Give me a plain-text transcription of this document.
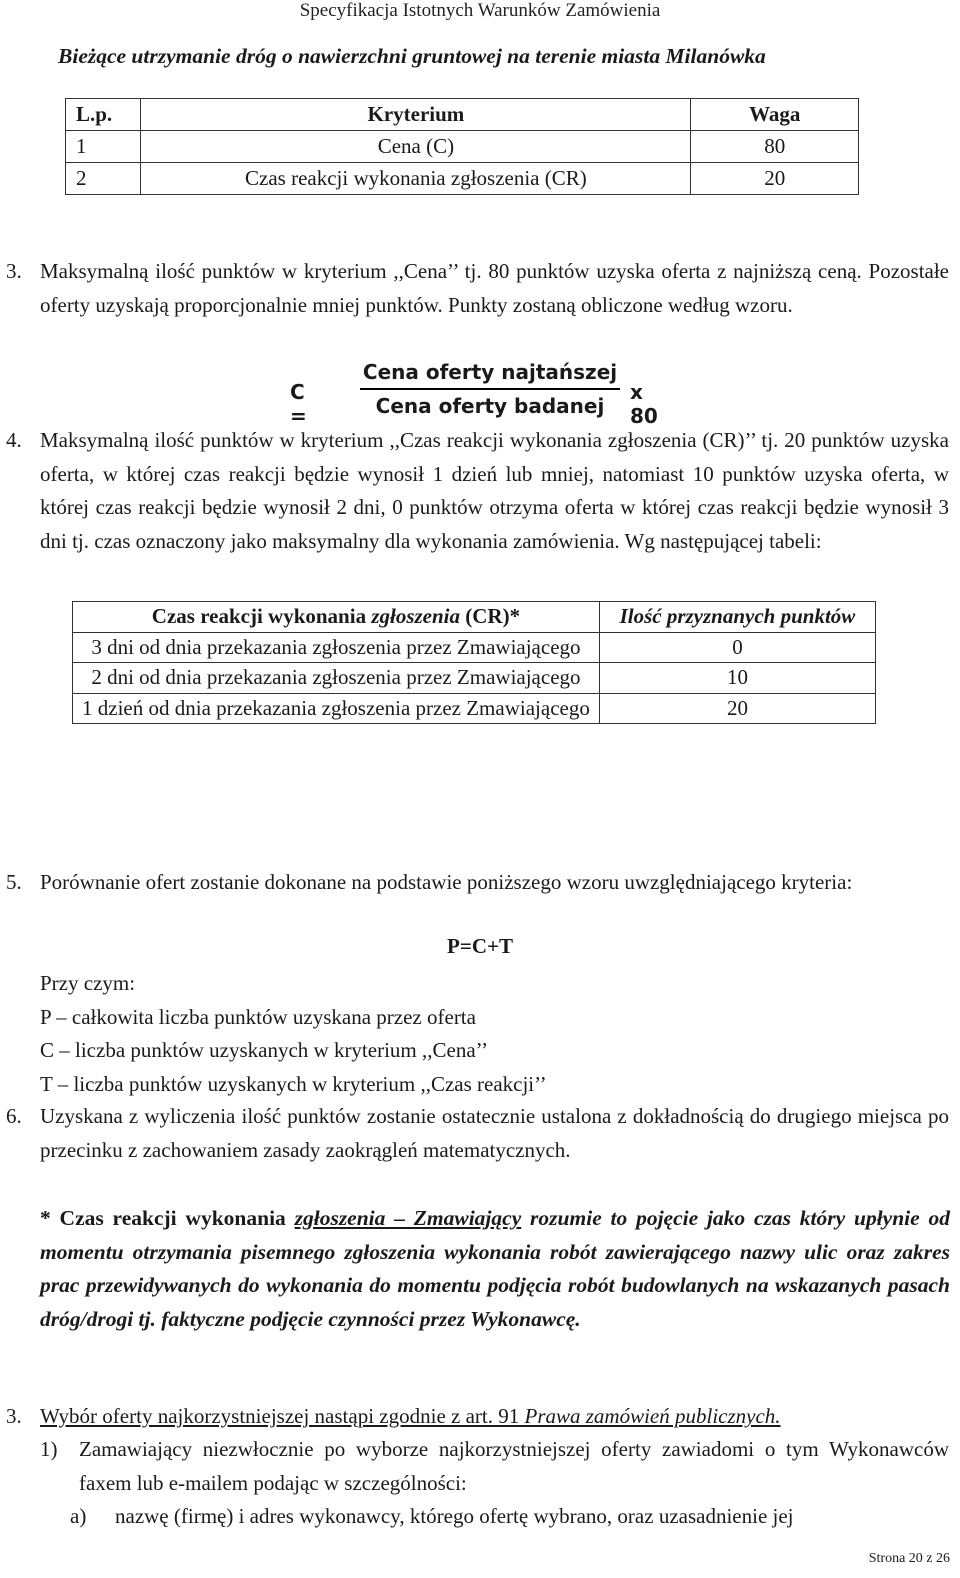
Specyfikacja Istotnych Warunków Zamówienia
Bieżące utrzymanie dróg o nawierzchni gruntowej na terenie miasta Milanówka
L.p.	Kryterium	Waga
1	Cena (C)	80
2	Czas reakcji wykonania zgłoszenia (CR)	20
3. Maksymalną ilość punktów w kryterium ,,Cena’’ tj. 80 punktów uzyska oferta z najniższą ceną. Pozostałe oferty uzyskają proporcjonalnie mniej punktów. Punkty zostaną obliczone według wzoru.
C =
Cena oferty najtańszej
Cena oferty badanej
x 80
4. Maksymalną ilość punktów w kryterium ,,Czas reakcji wykonania zgłoszenia (CR)’’ tj. 20 punktów uzyska oferta, w której czas reakcji będzie wynosił 1 dzień lub mniej, natomiast 10 punktów uzyska oferta, w której czas reakcji będzie wynosił 2 dni, 0 punktów otrzyma oferta w której czas reakcji będzie wynosił 3 dni tj. czas oznaczony jako maksymalny dla wykonania zamówienia. Wg następującej tabeli:
Czas reakcji wykonania zgłoszenia (CR)*	Ilość przyznanych punktów
3 dni od dnia przekazania zgłoszenia przez Zmawiającego	0
2 dni od dnia przekazania zgłoszenia przez Zmawiającego	10
1 dzień od dnia przekazania zgłoszenia przez Zmawiającego	20
5. Porównanie ofert zostanie dokonane na podstawie poniższego wzoru uwzględniającego kryteria:
P=C+T
Przy czym:
P – całkowita liczba punktów uzyskana przez oferta
C – liczba punktów uzyskanych w kryterium ,,Cena’’
T – liczba punktów uzyskanych w kryterium ,,Czas reakcji’’
6. Uzyskana z wyliczenia ilość punktów zostanie ostatecznie ustalona z dokładnością do drugiego miejsca po przecinku z zachowaniem zasady zaokrągleń matematycznych.
* Czas reakcji wykonania zgłoszenia – Zmawiający rozumie to pojęcie jako czas który upłynie od momentu otrzymania pisemnego zgłoszenia wykonania robót zawierającego nazwy ulic oraz zakres prac przewidywanych do wykonania do momentu podjęcia robót budowlanych na wskazanych pasach dróg/drogi tj. faktyczne podjęcie czynności przez Wykonawcę.
3. Wybór oferty najkorzystniejszej nastąpi zgodnie z art. 91 Prawa zamówień publicznych.
1) Zamawiający niezwłocznie po wyborze najkorzystniejszej oferty zawiadomi o tym Wykonawców faxem lub e-mailem podając w szczególności:
a) nazwę (firmę) i adres wykonawcy, którego ofertę wybrano, oraz uzasadnienie jej
Strona 20 z 26
